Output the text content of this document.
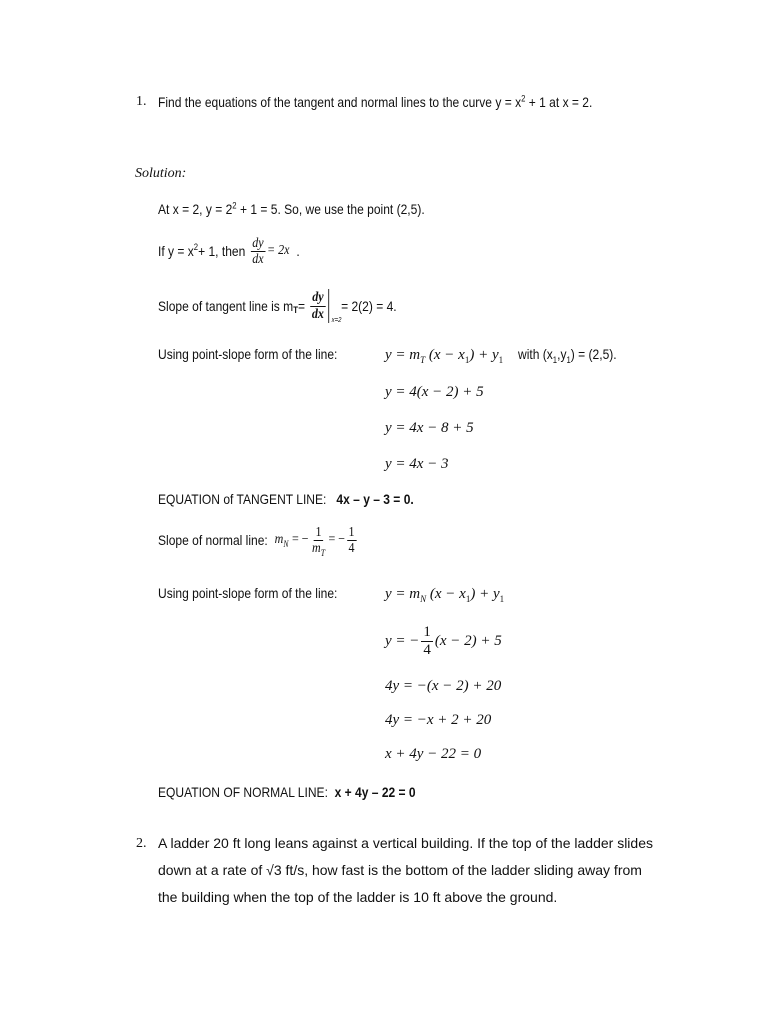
1. Find the equations of the tangent and normal lines to the curve $y = x^2 + 1$ at x = 2.
Solution:
At x = 2, $y = 2^2 + 1 = 5$. So, we use the point (2,5).
If $y = x^2 + 1$, then $\frac{dy}{dx} = 2x$ .
Slope of tangent line is $m_T = \frac{dy}{dx} x=2$
= 2(2) = 4.
Using point-slope form of the line:	$y = m_T$ $(x - x_1) + y_1$ with $(x_1,y_1) = (2,5)$.
y = 4(x − 2) + 5
y = 4x − 8 + 5
y = 4x − 3
EQUATION of TANGENT LINE: 4x – y – 3 = 0.
Slope of normal line: $m_N$ = − $\frac{1}{m_T}$ = − $\frac{1}{4}$
Using point-slope form of the line:	$y = m_N$ $(x - x_1) + y_1$
y = − $\frac{1}{4} (x - 2) + 5$
4y = −(x − 2) + 20
4y = −x + 2 + 20
x + 4y − 22 = 0
EQUATION OF NORMAL LINE: x + 4y – 22 = 0
2. A ladder 20 ft long leans against a vertical building. If the top of the ladder slides down at a rate of √3 ft/s, how fast is the bottom of the ladder sliding away from the building when the top of the ladder is 10 ft above the ground.
